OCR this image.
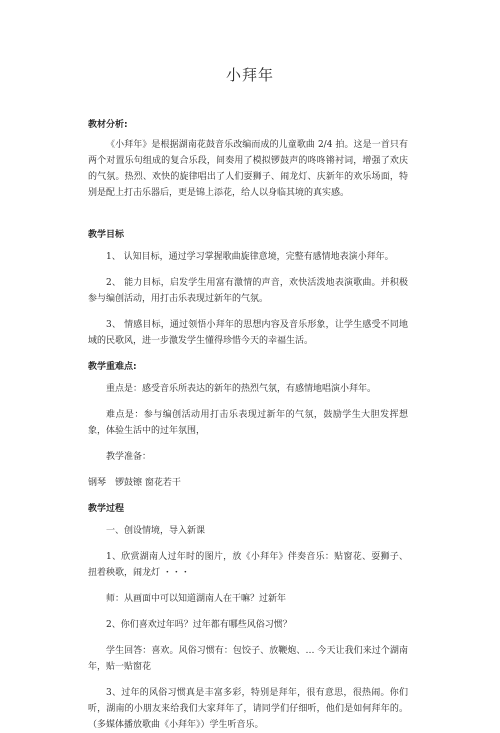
小拜年
教材分析:
《小拜年》是根据湖南花鼓音乐改编而成的儿童歌曲 2/4 拍。这是一首只有两个对置乐句组成的复合乐段，间奏用了模拟锣鼓声的咚咚锵衬词，增强了欢庆的气氛。热烈、欢快的旋律唱出了人们耍狮子、闹龙灯、庆新年的欢乐场面，特别是配上打击乐器后，更是锦上添花，给人以身临其境的真实感。
教学目标
1、 认知目标，通过学习掌握歌曲旋律意境，完整有感情地表演小拜年。
2、 能力目标，启发学生用富有激情的声音，欢快活泼地表演歌曲。并积极参与编创活动，用打击乐表现过新年的气氛。
3、 情感目标，通过领悟小拜年的思想内容及音乐形象，让学生感受不同地域的民歌风，进一步激发学生懂得珍惜今天的幸福生活。
教学重难点:
重点是：感受音乐所表达的新年的热烈气氛，有感情地唱演小拜年。
难点是：参与编创活动用打击乐表现过新年的气氛，鼓励学生大胆发挥想象，体验生活中的过年氛围，
教学准备：
钢琴　锣鼓镲 窗花若干
教学过程
一、创设情境，导入新课
1、欣赏湖南人过年时的图片，放《小拜年》伴奏音乐：贴窗花、耍狮子、扭着秧歌，闹龙灯 ・・・
师：从画面中可以知道湖南人在干嘛？过新年
2、你们喜欢过年吗？过年都有哪些风俗习惯？
学生回答：喜欢。风俗习惯有：包饺子、放鞭炮、… 今天让我们来过个湖南年，贴一贴窗花
3、过年的风俗习惯真是丰富多彩，特别是拜年，很有意思，很热闹。你们听，湖南的小朋友来给我们大家拜年了，请同学们仔细听，他们是如何拜年的。（多媒体播放歌曲《小拜年》）学生听音乐。
